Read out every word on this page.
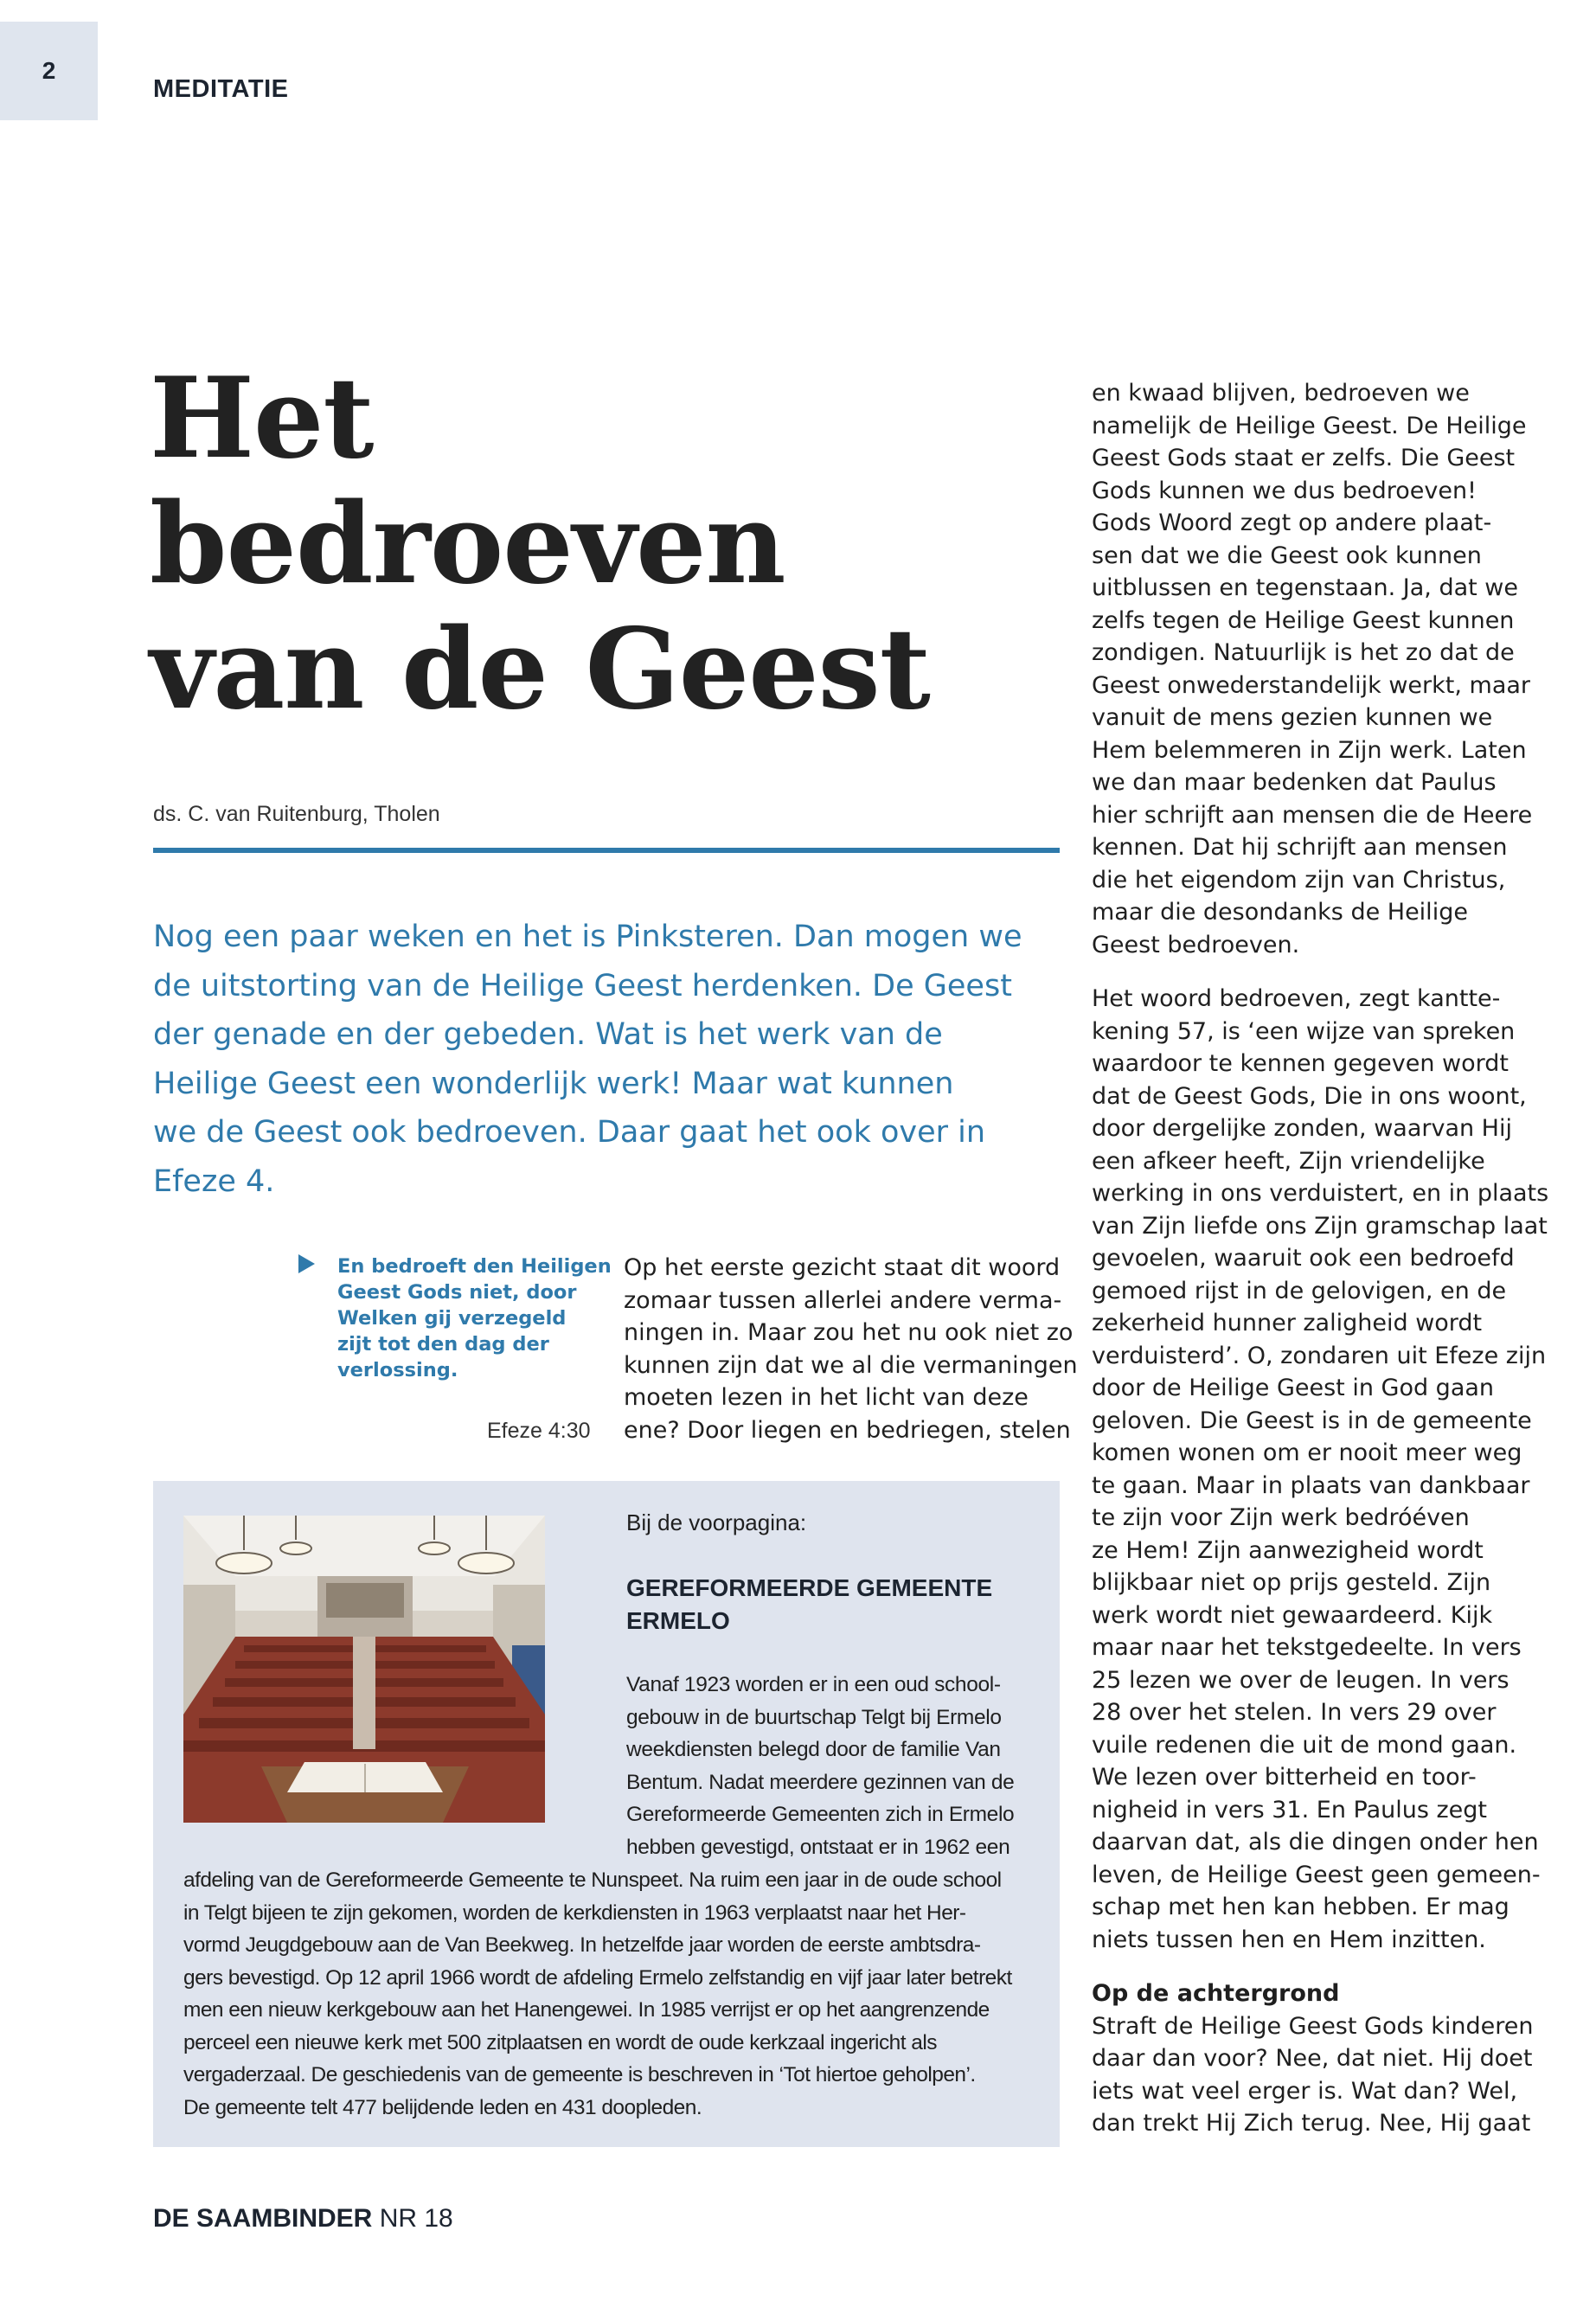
2
MEDITATIE
Het
bedroeven
van de Geest
ds. C. van Ruitenburg, Tholen

Nog een paar weken en het is Pinksteren. Dan mogen we
de uitstorting van de Heilige Geest herdenken. De Geest
der genade en der gebeden. Wat is het werk van de
Heilige Geest een wonderlijk werk! Maar wat kunnen
we de Geest ook bedroeven. Daar gaat het ook over in
Efeze 4.

En bedroeft den Heiligen
Geest Gods niet, door
Welken gij verzegeld
zijt tot den dag der
verlossing.

Efeze 4:30

Op het eerste gezicht staat dit woord
zomaar tussen allerlei andere verma-
ningen in. Maar zou het nu ook niet zo
kunnen zijn dat we al die vermaningen
moeten lezen in het licht van deze
ene? Door liegen en bedriegen, stelen

Bij de voorpagina:
GEREFORMEERDE GEMEENTE
ERMELO

Vanaf 1923 worden er in een oud school-
gebouw in de buurtschap Telgt bij Ermelo
weekdiensten belegd door de familie Van
Bentum. Nadat meerdere gezinnen van de
Gereformeerde Gemeenten zich in Ermelo
hebben gevestigd, ontstaat er in 1962 een

afdeling van de Gereformeerde Gemeente te Nunspeet. Na ruim een jaar in de oude school
in Telgt bijeen te zijn gekomen, worden de kerkdiensten in 1963 verplaatst naar het Her-
vormd Jeugdgebouw aan de Van Beekweg. In hetzelfde jaar worden de eerste ambtsdra-
gers bevestigd. Op 12 april 1966 wordt de afdeling Ermelo zelfstandig en vijf jaar later betrekt
men een nieuw kerkgebouw aan het Hanengewei. In 1985 verrijst er op het aangrenzende
perceel een nieuwe kerk met 500 zitplaatsen en wordt de oude kerkzaal ingericht als
vergaderzaal. De geschiedenis van de gemeente is beschreven in ‘Tot hiertoe geholpen’.
De gemeente telt 477 belijdende leden en 431 doopleden.

en kwaad blijven, bedroeven we
namelijk de Heilige Geest. De Heilige
Geest Gods staat er zelfs. Die Geest
Gods kunnen we dus bedroeven!
Gods Woord zegt op andere plaat-
sen dat we die Geest ook kunnen
uitblussen en tegenstaan. Ja, dat we
zelfs tegen de Heilige Geest kunnen
zondigen. Natuurlijk is het zo dat de
Geest onwederstandelijk werkt, maar
vanuit de mens gezien kunnen we
Hem belemmeren in Zijn werk. Laten
we dan maar bedenken dat Paulus
hier schrijft aan mensen die de Heere
kennen. Dat hij schrijft aan mensen
die het eigendom zijn van Christus,
maar die desondanks de Heilige
Geest bedroeven.
Het woord bedroeven, zegt kantte-
kening 57, is ‘een wijze van spreken
waardoor te kennen gegeven wordt
dat de Geest Gods, Die in ons woont,
door dergelijke zonden, waarvan Hij
een afkeer heeft, Zijn vriendelijke
werking in ons verduistert, en in plaats
van Zijn liefde ons Zijn gramschap laat
gevoelen, waaruit ook een bedroefd
gemoed rijst in de gelovigen, en de
zekerheid hunner zaligheid wordt
verduisterd’. O, zondaren uit Efeze zijn
door de Heilige Geest in God gaan
geloven. Die Geest is in de gemeente
komen wonen om er nooit meer weg
te gaan. Maar in plaats van dankbaar
te zijn voor Zijn werk bedróéven
ze Hem! Zijn aanwezigheid wordt
blijkbaar niet op prijs gesteld. Zijn
werk wordt niet gewaardeerd. Kijk
maar naar het tekstgedeelte. In vers
25 lezen we over de leugen. In vers
28 over het stelen. In vers 29 over
vuile redenen die uit de mond gaan.
We lezen over bitterheid en toor-
nigheid in vers 31. En Paulus zegt
daarvan dat, als die dingen onder hen
leven, de Heilige Geest geen gemeen-
schap met hen kan hebben. Er mag
niets tussen hen en Hem inzitten.
Op de achtergrond
Straft de Heilige Geest Gods kinderen
daar dan voor? Nee, dat niet. Hij doet
iets wat veel erger is. Wat dan? Wel,
dan trekt Hij Zich terug. Nee, Hij gaat
DE SAAMBINDER NR 18
